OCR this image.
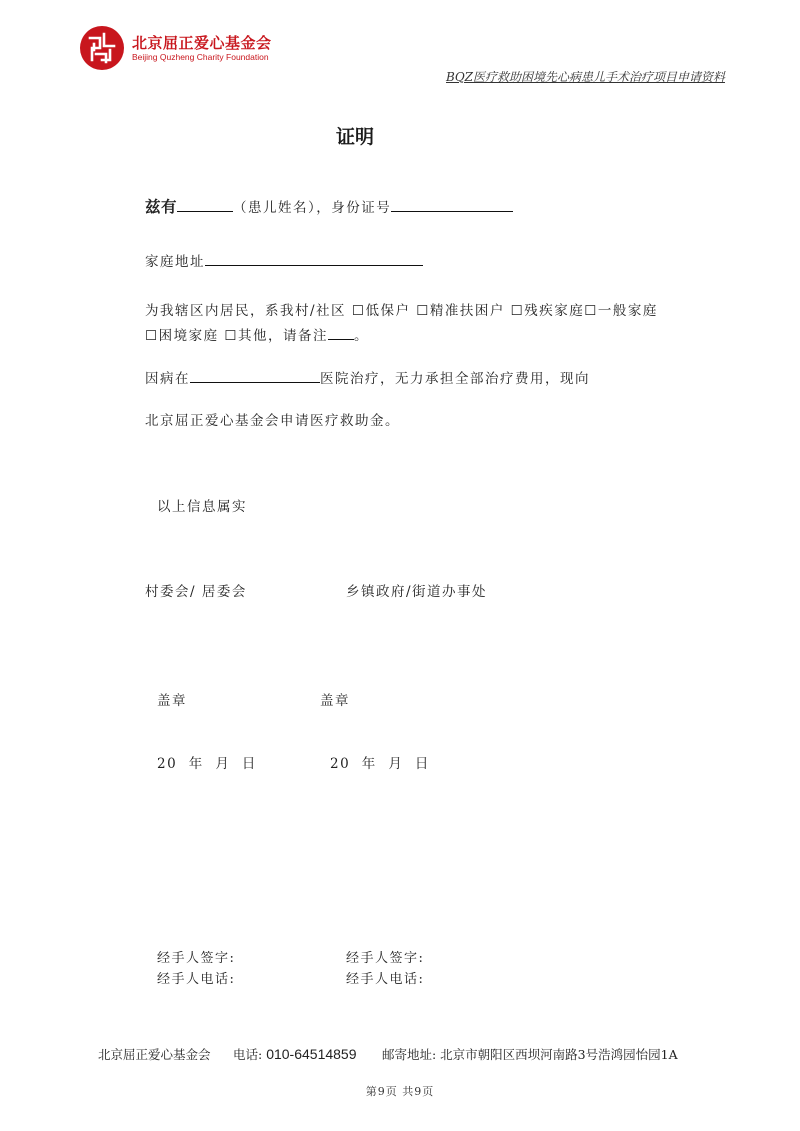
北京屈正爱心基金会
Beijing Quzheng Charity Foundation
BQZ医疗救助困境先心病患儿手术治疗项目申请资料
证明
兹有	（患儿姓名），身份证号
家庭地址
为我辖区内居民，系我村/社区 ☐低保户 ☐精准扶困户 ☐残疾家庭☐一般家庭
☐困境家庭 ☐其他，请备注 。
因病在	医院治疗，无力承担全部治疗费用，现向
北京屈正爱心基金会申请医疗救助金。
以上信息属实
村委会/ 居委会	乡镇政府/街道办事处
盖章	盖章
20  年  月  日	20  年  月  日
经手人签字:	经手人签字:
经手人电话:	经手人电话:
北京屈正爱心基金会 电话: 010-64514859 邮寄地址: 北京市朝阳区西坝河南路3号浩鸿园怡园1A
第9页 共9页
